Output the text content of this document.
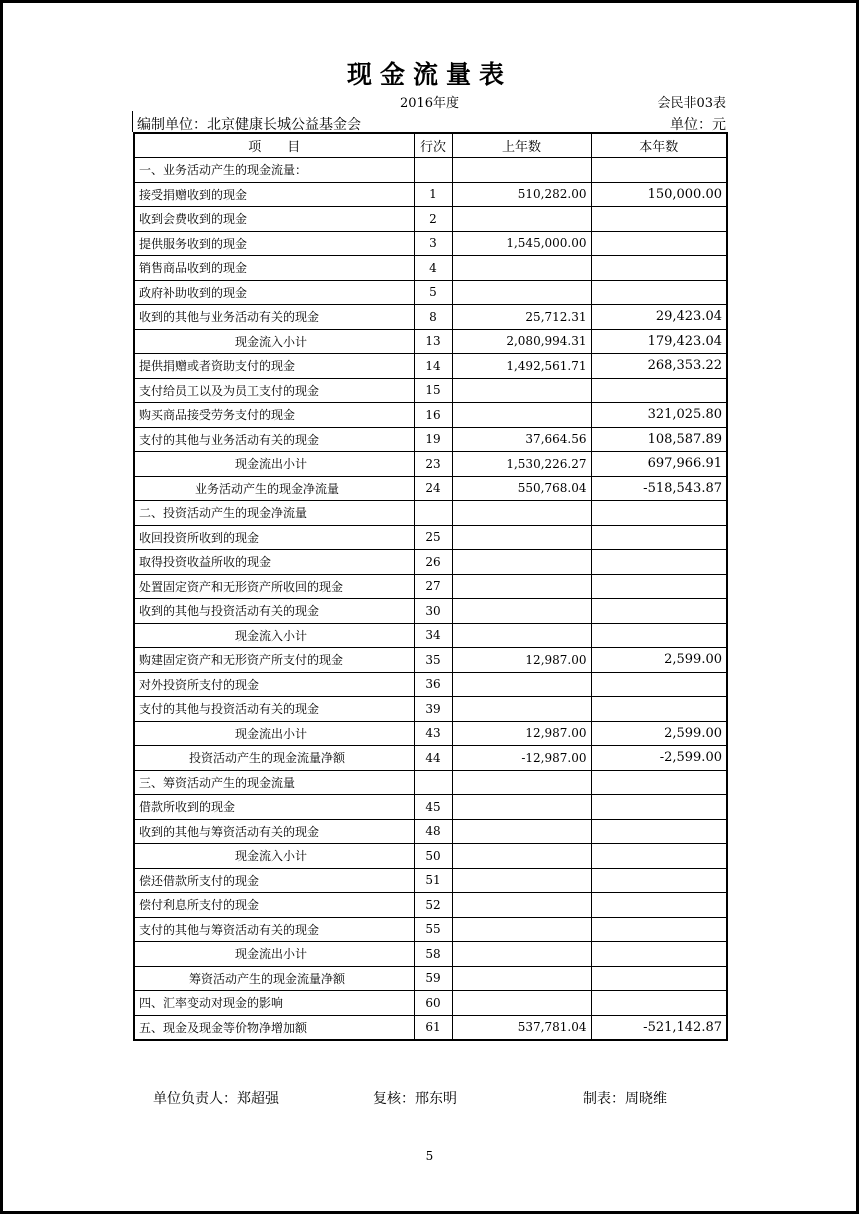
现金流量表
2016年度	会民非03表
编制单位：北京健康长城公益基金会	单位：元
项　　目	行次	上年数	本年数
一、业务活动产生的现金流量：			
接受捐赠收到的现金	1	510,282.00	150,000.00
收到会费收到的现金	2		
提供服务收到的现金	3	1,545,000.00	
销售商品收到的现金	4		
政府补助收到的现金	5		
收到的其他与业务活动有关的现金	8	25,712.31	29,423.04
现金流入小计	13	2,080,994.31	179,423.04
提供捐赠或者资助支付的现金	14	1,492,561.71	268,353.22
支付给员工以及为员工支付的现金	15		
购买商品接受劳务支付的现金	16		321,025.80
支付的其他与业务活动有关的现金	19	37,664.56	108,587.89
现金流出小计	23	1,530,226.27	697,966.91
业务活动产生的现金净流量	24	550,768.04	-518,543.87
二、投资活动产生的现金净流量			
收回投资所收到的现金	25		
取得投资收益所收的现金	26		
处置固定资产和无形资产所收回的现金	27		
收到的其他与投资活动有关的现金	30		
现金流入小计	34		
购建固定资产和无形资产所支付的现金	35	12,987.00	2,599.00
对外投资所支付的现金	36		
支付的其他与投资活动有关的现金	39		
现金流出小计	43	12,987.00	2,599.00
投资活动产生的现金流量净额	44	-12,987.00	-2,599.00
三、筹资活动产生的现金流量			
借款所收到的现金	45		
收到的其他与筹资活动有关的现金	48		
现金流入小计	50		
偿还借款所支付的现金	51		
偿付利息所支付的现金	52		
支付的其他与筹资活动有关的现金	55		
现金流出小计	58		
筹资活动产生的现金流量净额	59		
四、汇率变动对现金的影响	60		
五、现金及现金等价物净增加额	61	537,781.04	-521,142.87
单位负责人：郑超强	复核：邢东明	制表：周晓维
5
